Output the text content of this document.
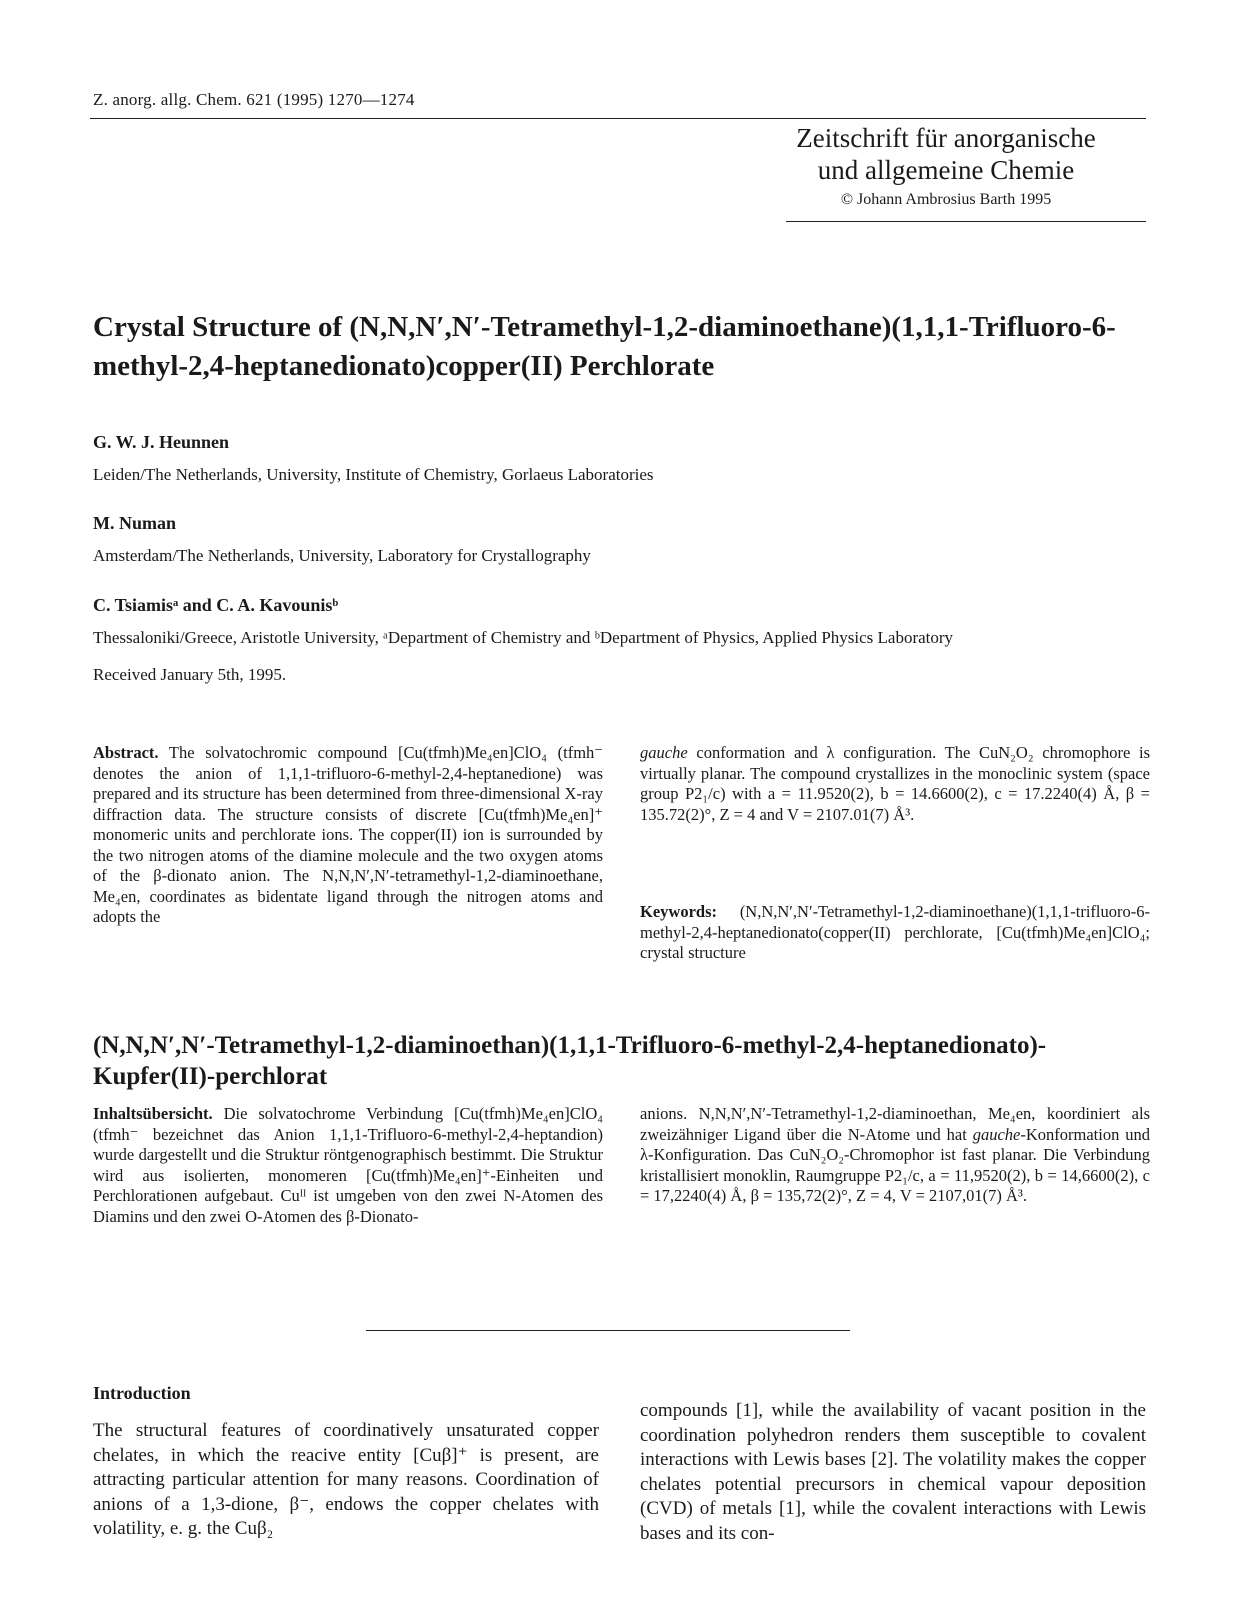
Z. anorg. allg. Chem. 621 (1995) 1270—1274
Zeitschrift für anorganische
und allgemeine Chemie
© Johann Ambrosius Barth 1995
Crystal Structure of (N,N,N′,N′-Tetramethyl-1,2-diaminoethane)(1,1,1-Trifluoro-6-methyl-2,4-heptanedionato)copper(II) Perchlorate
G. W. J. Heunnen
Leiden/The Netherlands, University, Institute of Chemistry, Gorlaeus Laboratories
M. Numan
Amsterdam/The Netherlands, University, Laboratory for Crystallography
C. Tsiamisᵃ and C. A. Kavounisᵇ
Thessaloniki/Greece, Aristotle University, ᵃDepartment of Chemistry and ᵇDepartment of Physics, Applied Physics Laboratory
Received January 5th, 1995.
Abstract. The solvatochromic compound [Cu(tfmh)Me₄en]ClO₄ (tfmh⁻ denotes the anion of 1,1,1-trifluoro-6-methyl-2,4-heptanedione) was prepared and its structure has been determined from three-dimensional X-ray diffraction data. The structure consists of discrete [Cu(tfmh)Me₄en]⁺ monomeric units and perchlorate ions. The copper(II) ion is surrounded by the two nitrogen atoms of the diamine molecule and the two oxygen atoms of the β-dionato anion. The N,N,N′,N′-tetramethyl-1,2-diaminoethane, Me₄en, coordinates as bidentate ligand through the nitrogen atoms and adopts the
gauche conformation and λ configuration. The CuN₂O₂ chromophore is virtually planar. The compound crystallizes in the monoclinic system (space group P2₁/c) with a = 11.9520(2), b = 14.6600(2), c = 17.2240(4) Å, β = 135.72(2)°, Z = 4 and V = 2107.01(7) Å³.
Keywords: (N,N,N′,N′-Tetramethyl-1,2-diaminoethane)(1,1,1-trifluoro-6-methyl-2,4-heptanedionato(copper(II) perchlorate, [Cu(tfmh)Me₄en]ClO₄; crystal structure
(N,N,N′,N′-Tetramethyl-1,2-diaminoethan)(1,1,1-Trifluoro-6-methyl-2,4-heptanedionato)-Kupfer(II)-perchlorat
Inhaltsübersicht. Die solvatochrome Verbindung [Cu(tfmh)Me₄en]ClO₄ (tfmh⁻ bezeichnet das Anion 1,1,1-Trifluoro-6-methyl-2,4-heptandion) wurde dargestellt und die Struktur röntgenographisch bestimmt. Die Struktur wird aus isolierten, monomeren [Cu(tfmh)Me₄en]⁺-Einheiten und Perchlorationen aufgebaut. Cuᴵᴵ ist umgeben von den zwei N-Atomen des Diamins und den zwei O-Atomen des β-Dionato-
anions. N,N,N′,N′-Tetramethyl-1,2-diaminoethan, Me₄en, koordiniert als zweizähniger Ligand über die N-Atome und hat gauche-Konformation und λ-Konfiguration. Das CuN₂O₂-Chromophor ist fast planar. Die Verbindung kristallisiert monoklin, Raumgruppe P2₁/c, a = 11,9520(2), b = 14,6600(2), c = 17,2240(4) Å, β = 135,72(2)°, Z = 4, V = 2107,01(7) Å³.
Introduction
The structural features of coordinatively unsaturated copper chelates, in which the reacive entity [Cuβ]⁺ is present, are attracting particular attention for many reasons. Coordination of anions of a 1,3-dione, β⁻, endows the copper chelates with volatility, e. g. the Cuβ₂
compounds [1], while the availability of vacant position in the coordination polyhedron renders them susceptible to covalent interactions with Lewis bases [2]. The volatility makes the copper chelates potential precursors in chemical vapour deposition (CVD) of metals [1], while the covalent interactions with Lewis bases and its con-
